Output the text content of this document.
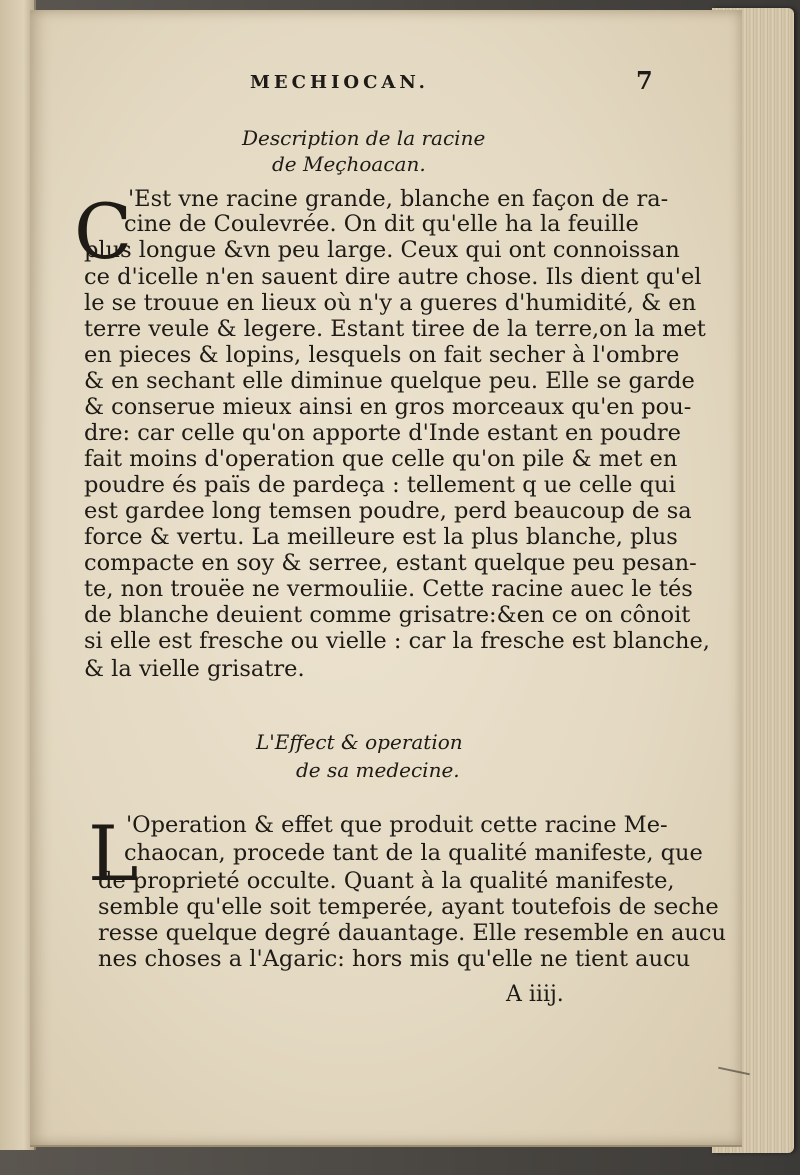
MECHIOCAN.	7
Description de la racine
de Meçhoacan.
C
'Est vne racine grande, blanche en façon de ra-
cine de Coulevrée. On dit qu'elle ha la feuille
plus longue &vn peu large. Ceux qui ont connoissan
ce d'icelle n'en sauent dire autre chose. Ils dient qu'el
le se trouue en lieux où n'y a gueres d'humidité, & en
terre veule & legere. Estant tiree de la terre,on la met
en pieces & lopins, lesquels on fait secher à l'ombre
& en sechant elle diminue quelque peu. Elle se garde
& conserue mieux ainsi en gros morceaux qu'en pou-
dre: car celle qu'on apporte d'Inde estant en poudre
fait moins d'operation que celle qu'on pile & met en
poudre és païs de pardeça : tellement q ue celle qui
est gardee long temsen poudre, perd beaucoup de sa
force & vertu. La meilleure est la plus blanche, plus
compacte en soy & serree, estant quelque peu pesan-
te, non trouëe ne vermouliie. Cette racine auec le tés
de blanche deuient comme grisatre:&en ce on cônoit
si elle est fresche ou vielle : car la fresche est blanche,
& la vielle grisatre.
L'Effect & operation
de sa medecine.
L
'Operation & effet que produit cette racine Me-
chaocan, procede tant de la qualité manifeste, que
de proprieté occulte. Quant à la qualité manifeste,
semble qu'elle soit temperée, ayant toutefois de seche
resse quelque degré dauantage. Elle resemble en aucu
nes choses a l'Agaric: hors mis qu'elle ne tient aucu
A iiij.
